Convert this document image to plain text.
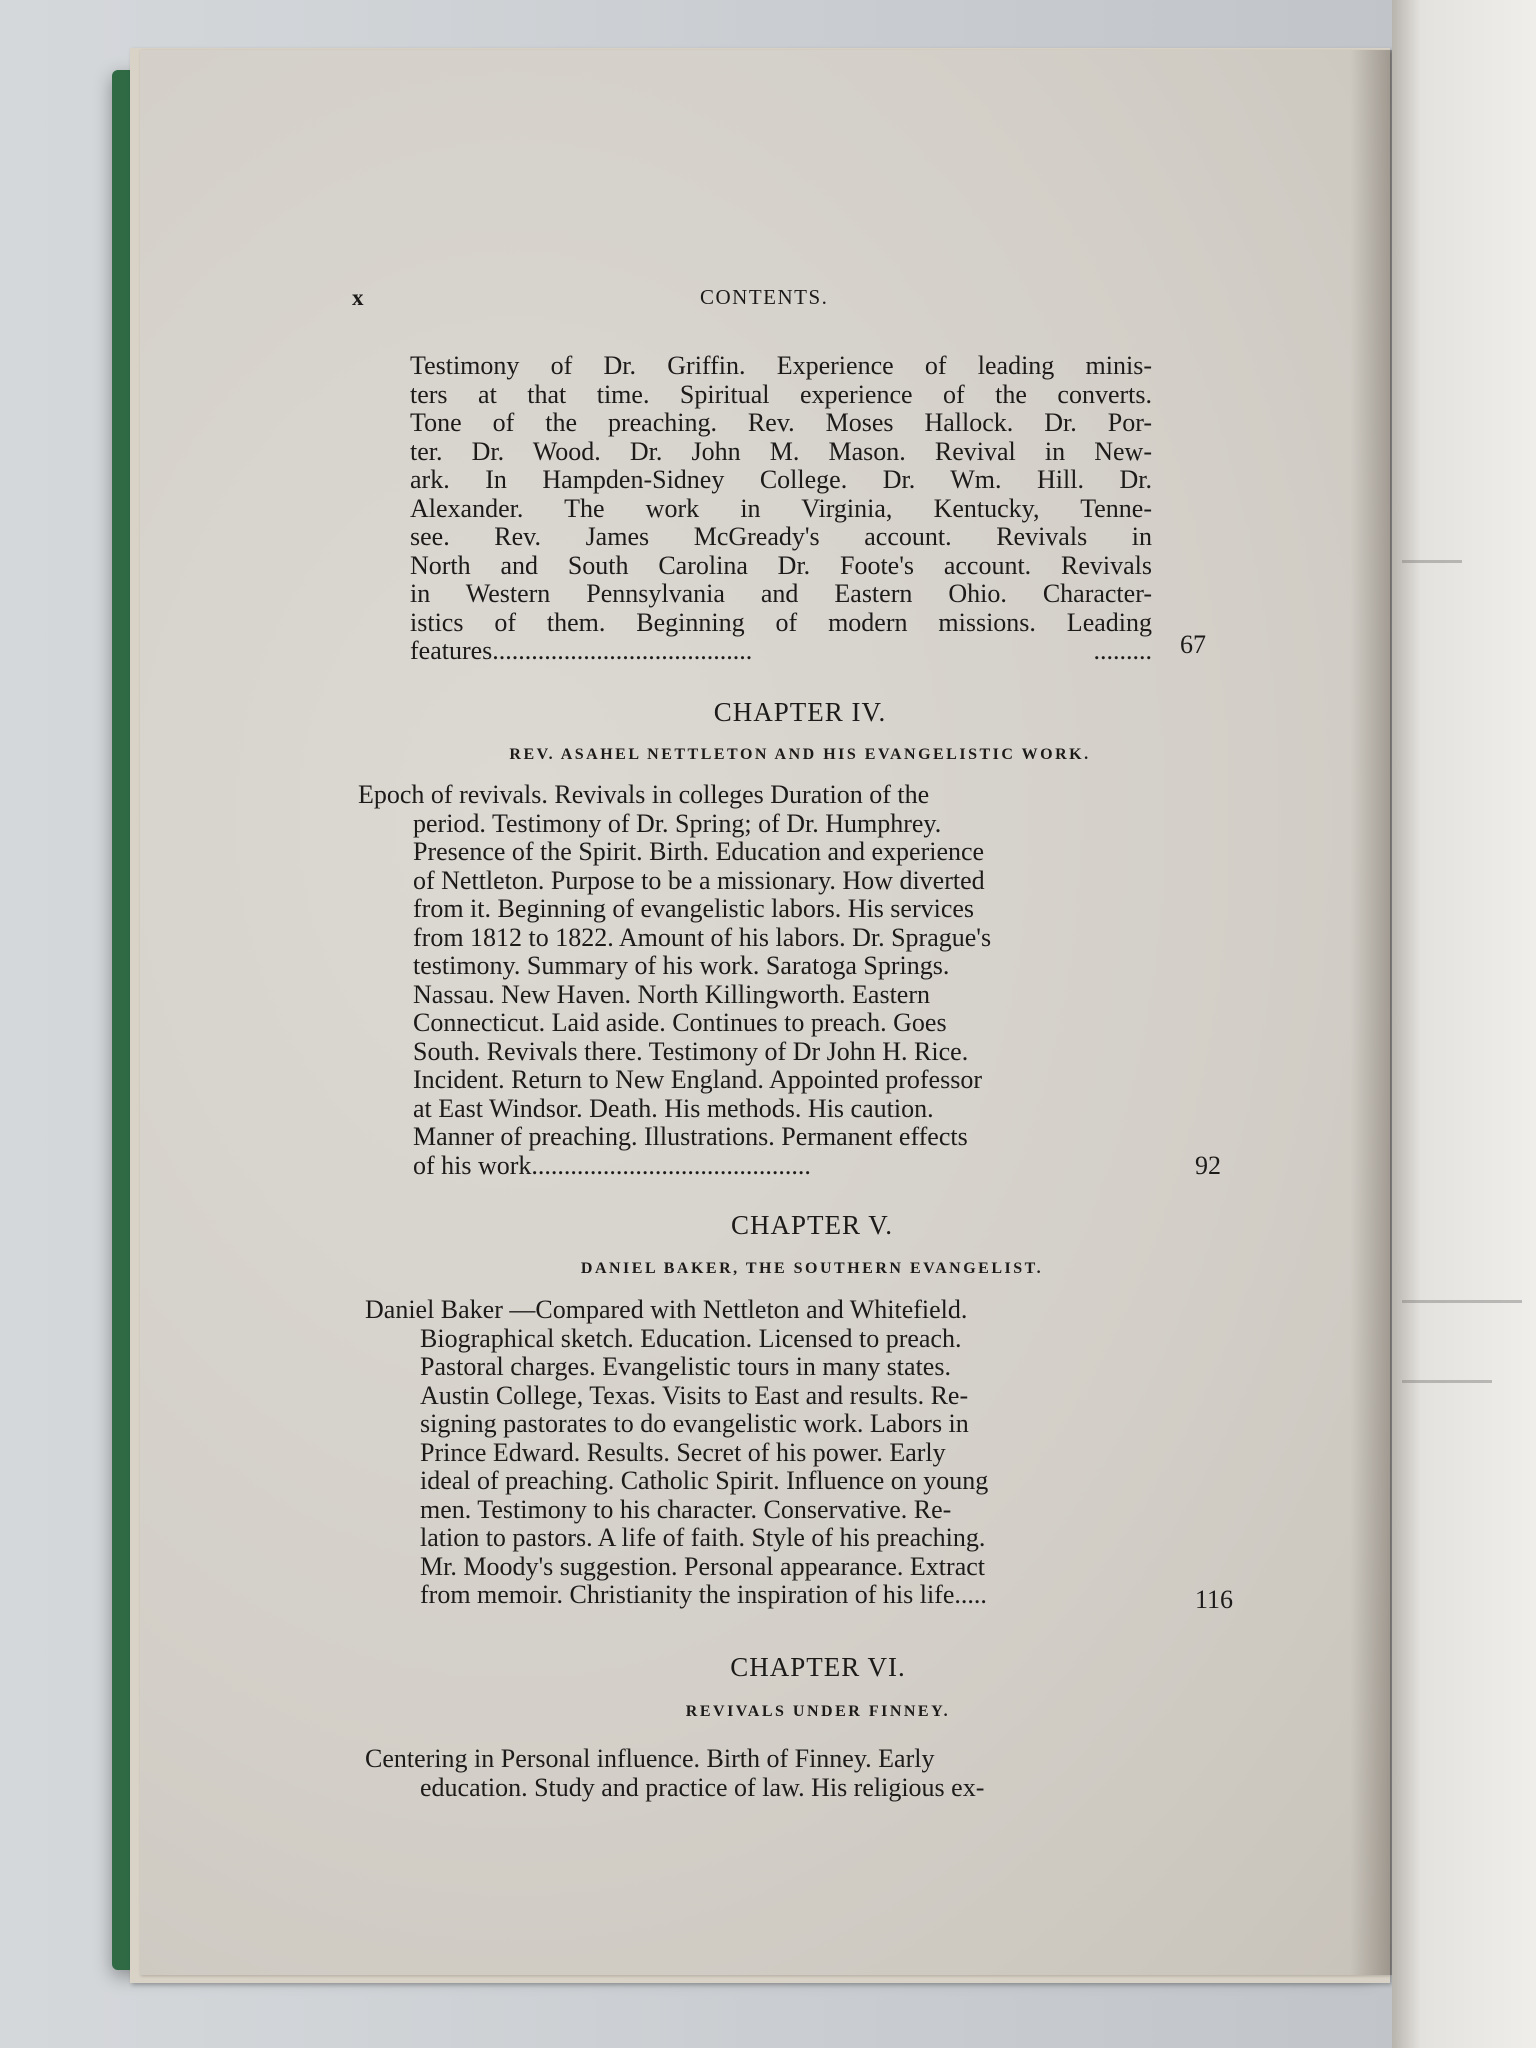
x	CONTENTS.
Testimony of Dr. Griffin. Experience of leading minis-
ters at that time. Spiritual experience of the converts.
Tone of the preaching. Rev. Moses Hallock. Dr. Por-
ter. Dr. Wood. Dr. John M. Mason. Revival in New-
ark. In Hampden-Sidney College. Dr. Wm. Hill. Dr.
Alexander. The work in Virginia, Kentucky, Tenne-
see. Rev. James McGready's account. Revivals in
North and South Carolina Dr. Foote's account. Revivals
in Western Pennsylvania and Eastern Ohio. Character-
istics of them. Beginning of modern missions. Leading
features........................................ ......... 67
CHAPTER IV.
REV. ASAHEL NETTLETON AND HIS EVANGELISTIC WORK.
Epoch of revivals. Revivals in colleges Duration of the
period. Testimony of Dr. Spring; of Dr. Humphrey.
Presence of the Spirit. Birth. Education and experience
of Nettleton. Purpose to be a missionary. How diverted
from it. Beginning of evangelistic labors. His services
from 1812 to 1822. Amount of his labors. Dr. Sprague's
testimony. Summary of his work. Saratoga Springs.
Nassau. New Haven. North Killingworth. Eastern
Connecticut. Laid aside. Continues to preach. Goes
South. Revivals there. Testimony of Dr John H. Rice.
Incident. Return to New England. Appointed professor
at East Windsor. Death. His methods. His caution.
Manner of preaching. Illustrations. Permanent effects
of his work...........................................	92
CHAPTER V.
DANIEL BAKER, THE SOUTHERN EVANGELIST.
Daniel Baker —Compared with Nettleton and Whitefield.
Biographical sketch. Education. Licensed to preach.
Pastoral charges. Evangelistic tours in many states.
Austin College, Texas. Visits to East and results. Re-
signing pastorates to do evangelistic work. Labors in
Prince Edward. Results. Secret of his power. Early
ideal of preaching. Catholic Spirit. Influence on young
men. Testimony to his character. Conservative. Re-
lation to pastors. A life of faith. Style of his preaching.
Mr. Moody's suggestion. Personal appearance. Extract
from memoir. Christianity the inspiration of his life.....	116
CHAPTER VI.
REVIVALS UNDER FINNEY.
Centering in Personal influence. Birth of Finney. Early
education. Study and practice of law. His religious ex-
